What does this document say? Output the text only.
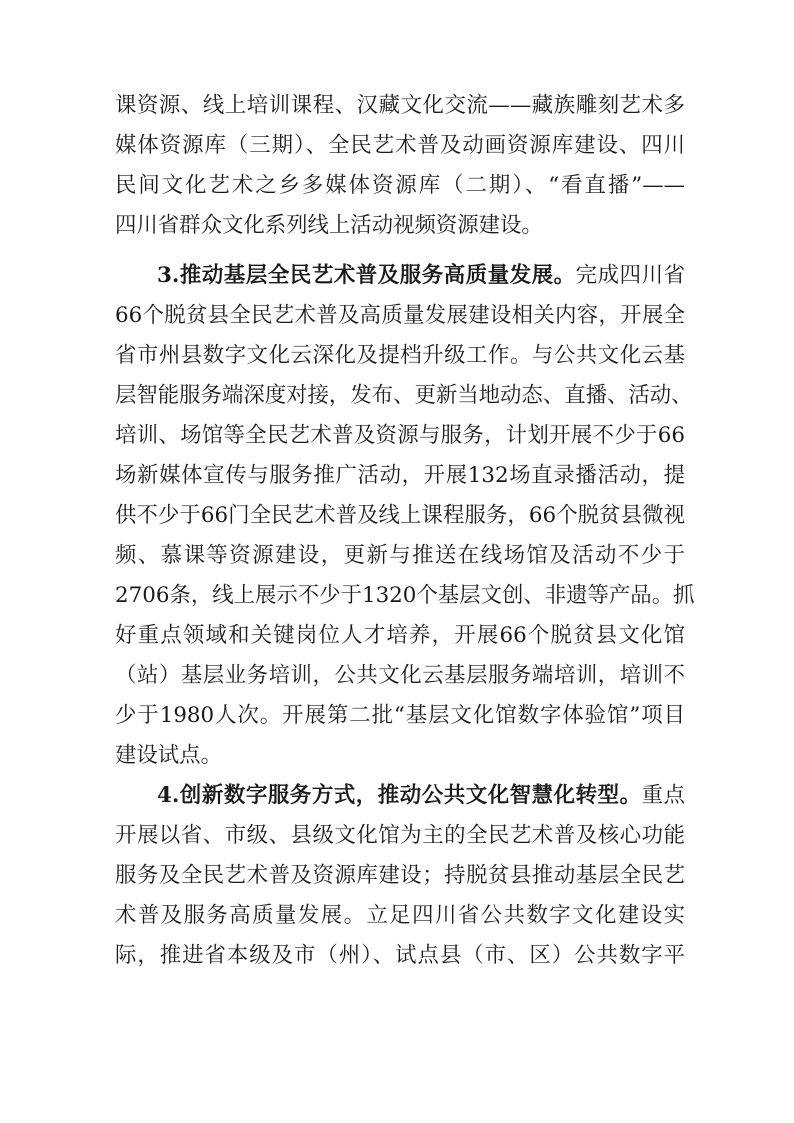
课资源、线上培训课程、汉藏文化交流——藏族雕刻艺术多
媒体资源库（三期）、全民艺术普及动画资源库建设、四川
民间文化艺术之乡多媒体资源库（二期）、“看直播”——
四川省群众文化系列线上活动视频资源建设。
3.推动基层全民艺术普及服务高质量发展。完成四川省
66个脱贫县全民艺术普及高质量发展建设相关内容，开展全
省市州县数字文化云深化及提档升级工作。与公共文化云基
层智能服务端深度对接，发布、更新当地动态、直播、活动、
培训、场馆等全民艺术普及资源与服务，计划开展不少于66
场新媒体宣传与服务推广活动，开展132场直录播活动，提
供不少于66门全民艺术普及线上课程服务，66个脱贫县微视
频、慕课等资源建设，更新与推送在线场馆及活动不少于
2706条，线上展示不少于1320个基层文创、非遗等产品。抓
好重点领域和关键岗位人才培养，开展66个脱贫县文化馆
（站）基层业务培训，公共文化云基层服务端培训，培训不
少于1980人次。开展第二批“基层文化馆数字体验馆”项目
建设试点。
4.创新数字服务方式，推动公共文化智慧化转型。重点
开展以省、市级、县级文化馆为主的全民艺术普及核心功能
服务及全民艺术普及资源库建设；持脱贫县推动基层全民艺
术普及服务高质量发展。立足四川省公共数字文化建设实
际，推进省本级及市（州）、试点县（市、区）公共数字平
